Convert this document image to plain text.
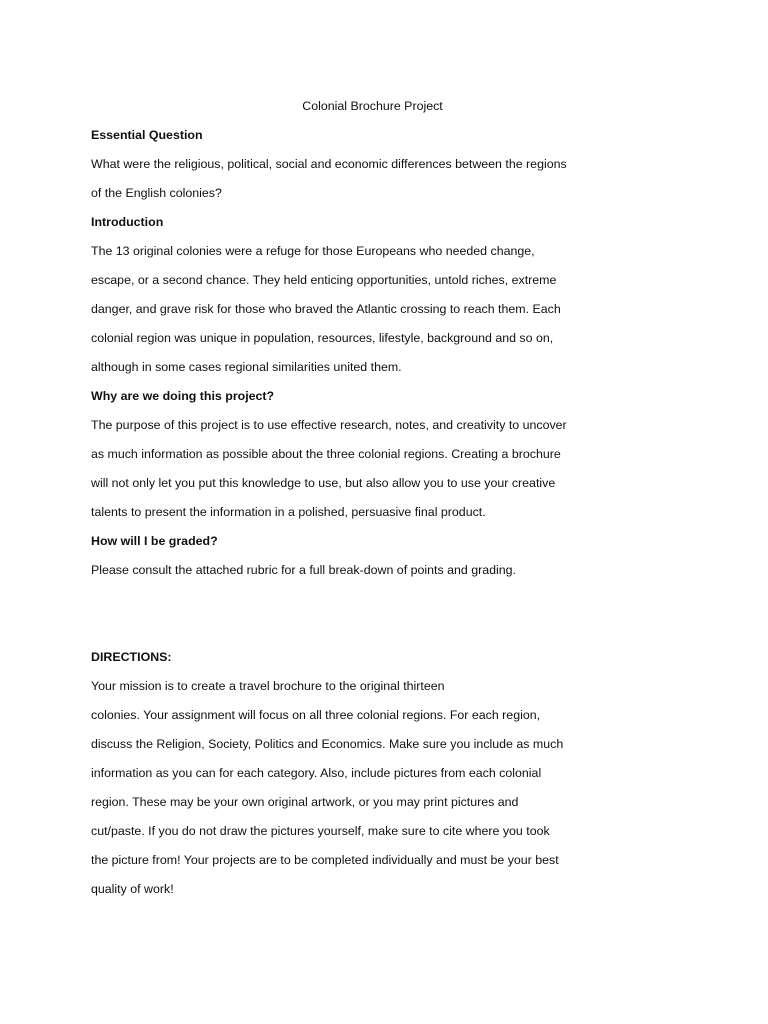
Colonial Brochure Project
Essential Question
What were the religious, political, social and economic differences between the regions
of the English colonies?
Introduction
The 13 original colonies were a refuge for those Europeans who needed change,
escape, or a second chance. They held enticing opportunities, untold riches, extreme
danger, and grave risk for those who braved the Atlantic crossing to reach them. Each
colonial region was unique in population, resources, lifestyle, background and so on,
although in some cases regional similarities united them.
Why are we doing this project?
The purpose of this project is to use effective research, notes, and creativity to uncover
as much information as possible about the three colonial regions. Creating a brochure
will not only let you put this knowledge to use, but also allow you to use your creative
talents to present the information in a polished, persuasive final product.
How will I be graded?
Please consult the attached rubric for a full break-down of points and grading.
DIRECTIONS:
Your mission is to create a travel brochure to the original thirteen
colonies. Your assignment will focus on all three colonial regions. For each region,
discuss the Religion, Society, Politics and Economics. Make sure you include as much
information as you can for each category. Also, include pictures from each colonial
region. These may be your own original artwork, or you may print pictures and
cut/paste. If you do not draw the pictures yourself, make sure to cite where you took
the picture from! Your projects are to be completed individually and must be your best
quality of work!
